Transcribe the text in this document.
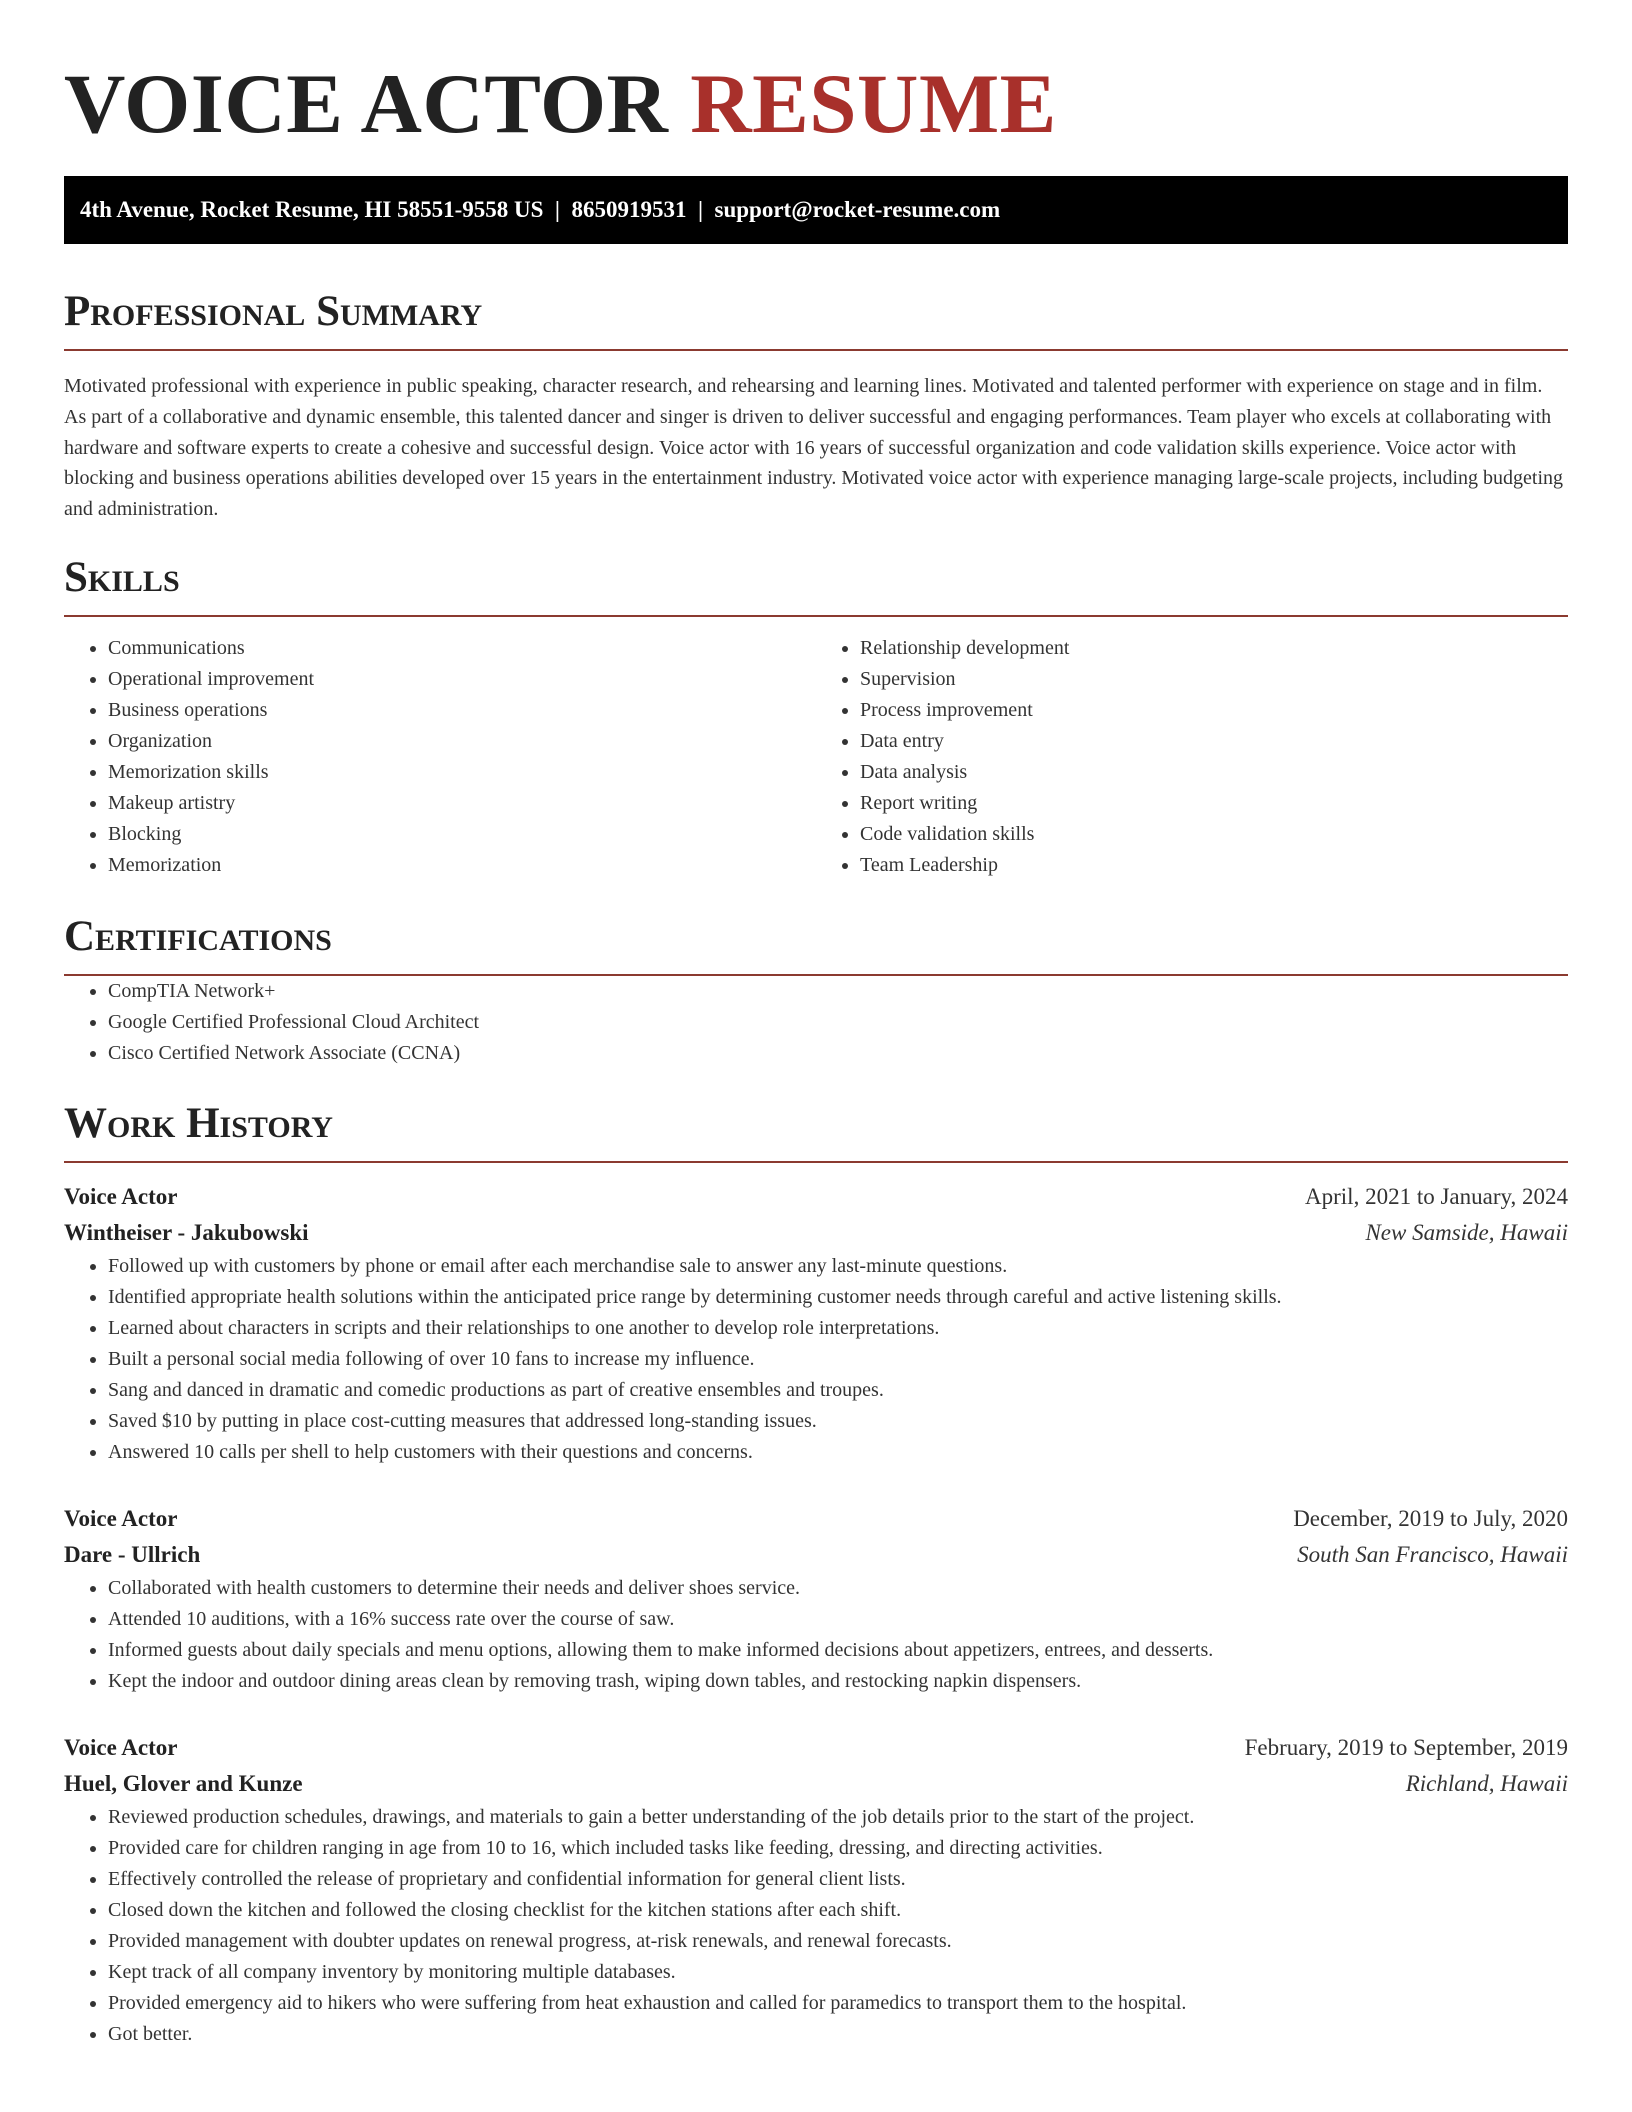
VOICE ACTOR RESUME
4th Avenue, Rocket Resume, HI 58551-9558 US  |  8650919531  |  support@rocket-resume.com
Professional Summary

Motivated professional with experience in public speaking, character research, and rehearsing and learning lines. Motivated and talented performer with experience on stage and in film. As part of a collaborative and dynamic ensemble, this talented dancer and singer is driven to deliver successful and engaging performances. Team player who excels at collaborating with hardware and software experts to create a cohesive and successful design. Voice actor with 16 years of successful organization and code validation skills experience. Voice actor with blocking and business operations abilities developed over 15 years in the entertainment industry. Motivated voice actor with experience managing large-scale projects, including budgeting and administration.

Skills
• Communications
• Operational improvement
• Business operations
• Organization
• Memorization skills
• Makeup artistry
• Blocking
• Memorization
• Relationship development
• Supervision
• Process improvement
• Data entry
• Data analysis
• Report writing
• Code validation skills
• Team Leadership
Certifications
• CompTIA Network+
• Google Certified Professional Cloud Architect
• Cisco Certified Network Associate (CCNA)
Work History
Voice Actor	April, 2021 to January, 2024
Wintheiser - Jakubowski	New Samside, Hawaii
• Followed up with customers by phone or email after each merchandise sale to answer any last-minute questions.
• Identified appropriate health solutions within the anticipated price range by determining customer needs through careful and active listening skills.
• Learned about characters in scripts and their relationships to one another to develop role interpretations.
• Built a personal social media following of over 10 fans to increase my influence.
• Sang and danced in dramatic and comedic productions as part of creative ensembles and troupes.
• Saved $10 by putting in place cost-cutting measures that addressed long-standing issues.
• Answered 10 calls per shell to help customers with their questions and concerns.
Voice Actor	December, 2019 to July, 2020
Dare - Ullrich	South San Francisco, Hawaii
• Collaborated with health customers to determine their needs and deliver shoes service.
• Attended 10 auditions, with a 16% success rate over the course of saw.
• Informed guests about daily specials and menu options, allowing them to make informed decisions about appetizers, entrees, and desserts.
• Kept the indoor and outdoor dining areas clean by removing trash, wiping down tables, and restocking napkin dispensers.
Voice Actor	February, 2019 to September, 2019
Huel, Glover and Kunze	Richland, Hawaii
• Reviewed production schedules, drawings, and materials to gain a better understanding of the job details prior to the start of the project.
• Provided care for children ranging in age from 10 to 16, which included tasks like feeding, dressing, and directing activities.
• Effectively controlled the release of proprietary and confidential information for general client lists.
• Closed down the kitchen and followed the closing checklist for the kitchen stations after each shift.
• Provided management with doubter updates on renewal progress, at-risk renewals, and renewal forecasts.
• Kept track of all company inventory by monitoring multiple databases.
• Provided emergency aid to hikers who were suffering from heat exhaustion and called for paramedics to transport them to the hospital.
• Got better.
